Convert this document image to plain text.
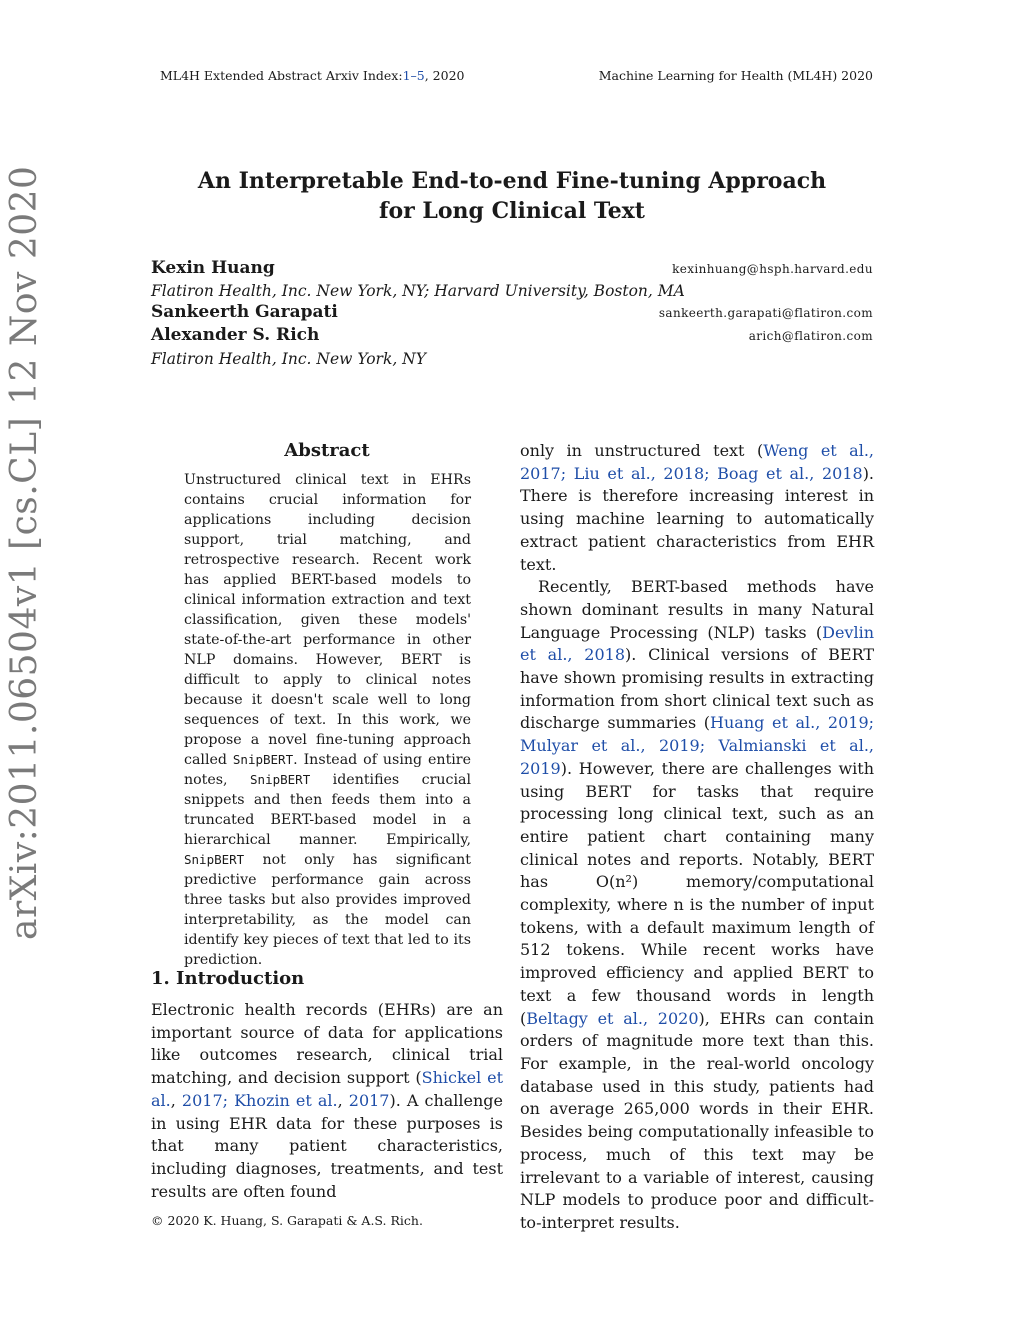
ML4H Extended Abstract Arxiv Index:1–5, 2020	Machine Learning for Health (ML4H) 2020
An Interpretable End-to-end Fine-tuning Approach
for Long Clinical Text
Kexin Huang	kexinhuang@hsph.harvard.edu
Flatiron Health, Inc. New York, NY; Harvard University, Boston, MA
Sankeerth Garapati	sankeerth.garapati@flatiron.com
Alexander S. Rich	arich@flatiron.com
Flatiron Health, Inc. New York, NY
arXiv:2011.06504v1 [cs.CL] 12 Nov 2020	Abstract
Unstructured clinical text in EHRs contains crucial information for applications including decision support, trial matching, and retrospective research. Recent work has applied BERT-based models to clinical information extraction and text classification, given these models' state-of-the-art performance in other NLP domains. However, BERT is difficult to apply to clinical notes because it doesn't scale well to long sequences of text. In this work, we propose a novel fine-tuning approach called SnipBERT. Instead of using entire notes, SnipBERT identifies crucial snippets and then feeds them into a truncated BERT-based model in a hierarchical manner. Empirically, SnipBERT not only has significant predictive performance gain across three tasks but also provides improved interpretability, as the model can identify key pieces of text that led to its prediction.
1. Introduction

Electronic health records (EHRs) are an important source of data for applications like outcomes research, clinical trial matching, and decision support (Shickel et al., 2017; Khozin et al., 2017). A challenge in using EHR data for these purposes is that many patient characteristics, including diagnoses, treatments, and test results are often found

only in unstructured text (Weng et al., 2017; Liu et al., 2018; Boag et al., 2018). There is therefore increasing interest in using machine learning to automatically extract patient characteristics from EHR text.

Recently, BERT-based methods have shown dominant results in many Natural Language Processing (NLP) tasks (Devlin et al., 2018). Clinical versions of BERT have shown promising results in extracting information from short clinical text such as discharge summaries (Huang et al., 2019; Mulyar et al., 2019; Valmianski et al., 2019). However, there are challenges with using BERT for tasks that require processing long clinical text, such as an entire patient chart containing many clinical notes and reports. Notably, BERT has O(n²) memory/computational complexity, where n is the number of input tokens, with a default maximum length of 512 tokens. While recent works have improved efficiency and applied BERT to text a few thousand words in length (Beltagy et al., 2020), EHRs can contain orders of magnitude more text than this. For example, in the real-world oncology database used in this study, patients had on average 265,000 words in their EHR. Besides being computationally infeasible to process, much of this text may be irrelevant to a variable of interest, causing NLP models to produce poor and difficult-to-interpret results.

© 2020 K. Huang, S. Garapati & A.S. Rich.
